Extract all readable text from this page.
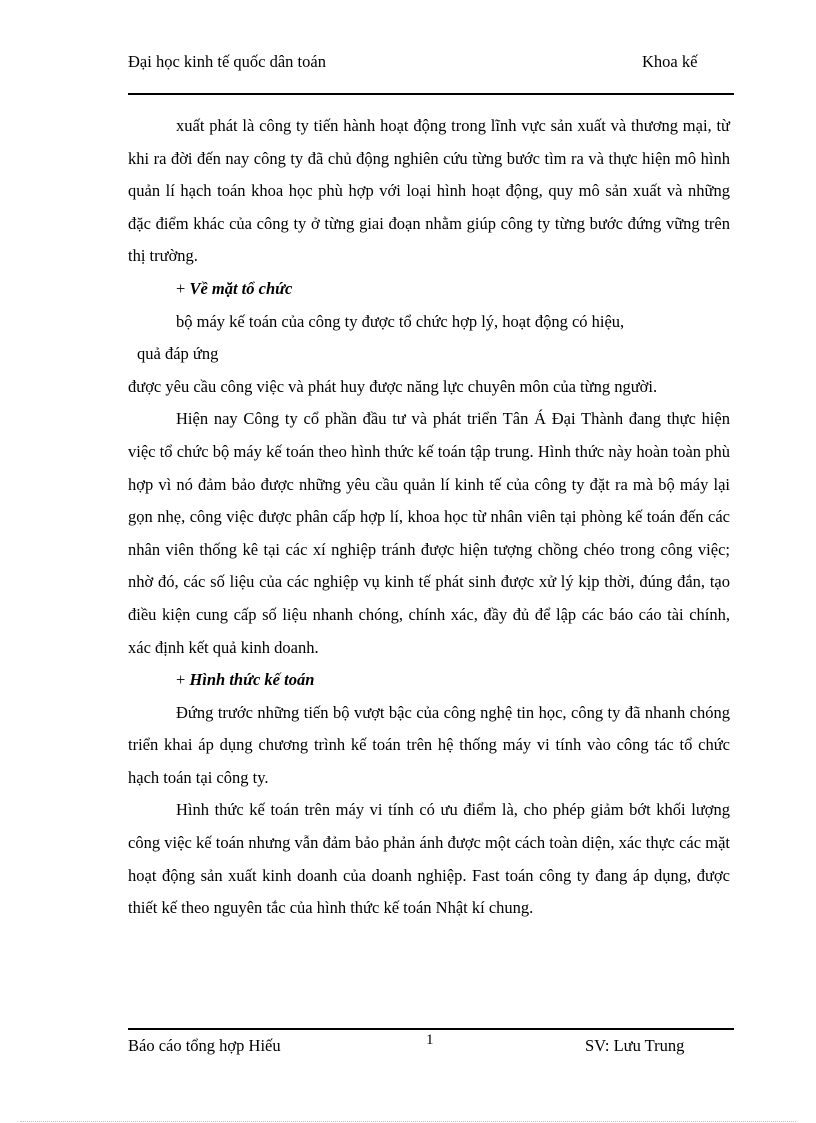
Đại học kinh tế quốc dân toán	Khoa kế

xuất phát là công ty tiến hành hoạt động trong lĩnh vực sản xuất và thương mại, từ khi ra đời đến nay công ty đã chủ động nghiên cứu từng bước tìm ra và thực hiện mô hình quản lí hạch toán khoa học phù hợp với loại hình hoạt động, quy mô sản xuất và những đặc điểm khác của công ty ở từng giai đoạn nhằm giúp công ty từng bước đứng vững trên thị trường.

+ Về mặt tổ chức

bộ máy kế toán của công ty được tổ chức hợp lý, hoạt động có hiệu,

quả đáp ứng

được yêu cầu công việc và phát huy được năng lực chuyên môn của từng người.

Hiện nay Công ty cổ phần đầu tư và phát triển Tân Á Đại Thành đang thực hiện việc tổ chức bộ máy kế toán theo hình thức kế toán tập trung. Hình thức này hoàn toàn phù hợp vì nó đảm bảo được những yêu cầu quản lí kinh tế của công ty đặt ra mà bộ máy lại gọn nhẹ, công việc được phân cấp hợp lí, khoa học từ nhân viên tại phòng kế toán đến các nhân viên thống kê tại các xí nghiệp tránh được hiện tượng chồng chéo trong công việc; nhờ đó, các số liệu của các nghiệp vụ kinh tế phát sinh được xử lý kịp thời, đúng đắn, tạo điều kiện cung cấp số liệu nhanh chóng, chính xác, đầy đủ để lập các báo cáo tài chính, xác định kết quả kinh doanh.

+ Hình thức kế toán

Đứng trước những tiến bộ vượt bậc của công nghệ tin học, công ty đã nhanh chóng triển khai áp dụng chương trình kế toán trên hệ thống máy vi tính vào công tác tổ chức hạch toán tại công ty.

Hình thức kế toán trên máy vi tính có ưu điểm là, cho phép giảm bớt khối lượng công việc kế toán nhưng vẫn đảm bảo phản ánh được một cách toàn diện, xác thực các mặt hoạt động sản xuất kinh doanh của doanh nghiệp. Fast toán công ty đang áp dụng, được thiết kế theo nguyên tắc của hình thức kế toán Nhật kí chung.

Báo cáo tổng hợp Hiếu	1	SV: Lưu Trung
